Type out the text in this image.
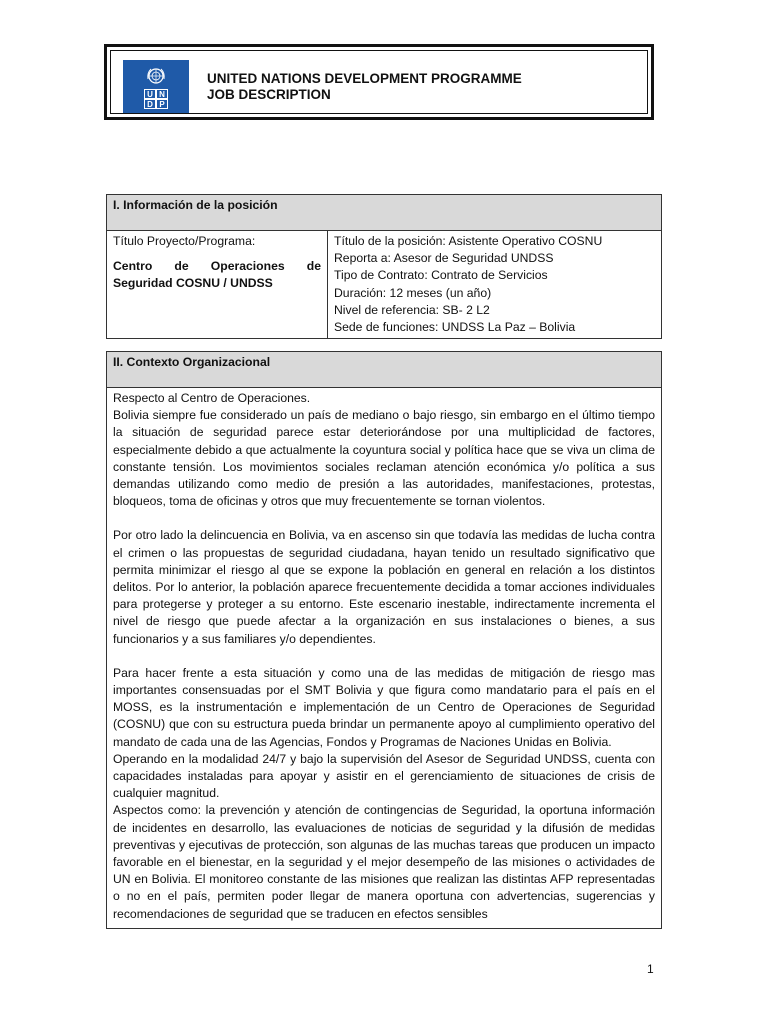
U N
D P
UNITED NATIONS DEVELOPMENT PROGRAMME
JOB DESCRIPTION
I. Información de la posición
Título Proyecto/Programa:
Centro de Operaciones de Seguridad COSNU / UNDSS
Título de la posición: Asistente Operativo COSNU
Reporta a: Asesor de Seguridad UNDSS
Tipo de Contrato: Contrato de Servicios
Duración: 12 meses (un año)
Nivel de referencia: SB- 2 L2
Sede de funciones: UNDSS La Paz – Bolivia
II. Contexto Organizacional

Respecto al Centro de Operaciones.

Bolivia siempre fue considerado un país de mediano o bajo riesgo, sin embargo en el último tiempo la situación de seguridad parece estar deteriorándose por una multiplicidad de factores, especialmente debido a que actualmente la coyuntura social y política hace que se viva un clima de constante tensión. Los movimientos sociales reclaman atención económica y/o política a sus demandas utilizando como medio de presión a las autoridades, manifestaciones, protestas, bloqueos, toma de oficinas y otros que muy frecuentemente se tornan violentos.

Por otro lado la delincuencia en Bolivia, va en ascenso sin que todavía las medidas de lucha contra el crimen o las propuestas de seguridad ciudadana, hayan tenido un resultado significativo que permita minimizar el riesgo al que se expone la población en general en relación a los distintos delitos. Por lo anterior, la población aparece frecuentemente decidida a tomar acciones individuales para protegerse y proteger a su entorno. Este escenario inestable, indirectamente incrementa el nivel de riesgo que puede afectar a la organización en sus instalaciones o bienes, a sus funcionarios y a sus familiares y/o dependientes.

Para hacer frente a esta situación y como una de las medidas de mitigación de riesgo mas importantes consensuadas por el SMT Bolivia y que figura como mandatario para el país en el MOSS, es la instrumentación e implementación de un Centro de Operaciones de Seguridad (COSNU) que con su estructura pueda brindar un permanente apoyo al cumplimiento operativo del mandato de cada una de las Agencias, Fondos y Programas de Naciones Unidas en Bolivia.

Operando en la modalidad 24/7 y bajo la supervisión del Asesor de Seguridad UNDSS, cuenta con capacidades instaladas para apoyar y asistir en el gerenciamiento de situaciones de crisis de cualquier magnitud.

Aspectos como: la prevención y atención de contingencias de Seguridad, la oportuna información de incidentes en desarrollo, las evaluaciones de noticias de seguridad y la difusión de medidas preventivas y ejecutivas de protección, son algunas de las muchas tareas que producen un impacto favorable en el bienestar, en la seguridad y el mejor desempeño de las misiones o actividades de UN en Bolivia. El monitoreo constante de las misiones que realizan las distintas AFP representadas o no en el país, permiten poder llegar de manera oportuna con advertencias, sugerencias y recomendaciones de seguridad que se traducen en efectos sensibles

1
